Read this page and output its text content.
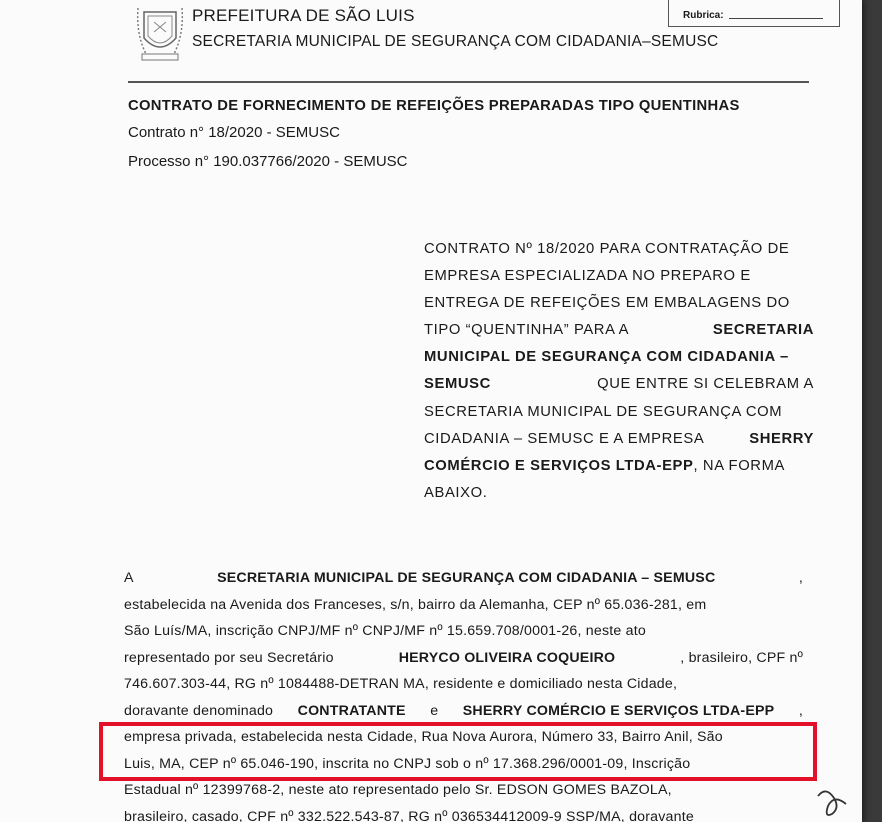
PREFEITURA DE SÃO LUIS
SECRETARIA MUNICIPAL DE SEGURANÇA COM CIDADANIA–SEMUSC
Rubrica:
CONTRATO DE FORNECIMENTO DE REFEIÇÕES PREPARADAS TIPO QUENTINHAS
Contrato n° 18/2020 - SEMUSC
Processo n° 190.037766/2020 - SEMUSC
CONTRATO Nº 18/2020 PARA CONTRATAÇÃO DE
EMPRESA ESPECIALIZADA NO PREPARO E
ENTREGA DE REFEIÇÕES EM EMBALAGENS DO
TIPO “QUENTINHA” PARA A	SECRETARIA
MUNICIPAL DE SEGURANÇA COM CIDADANIA –
SEMUSC	QUE ENTRE SI CELEBRAM A
SECRETARIA MUNICIPAL DE SEGURANÇA COM
CIDADANIA – SEMUSC E A EMPRESA	SHERRY
COMÉRCIO E SERVIÇOS LTDA-EPP, NA FORMA
ABAIXO.
A	SECRETARIA MUNICIPAL DE SEGURANÇA COM CIDADANIA – SEMUSC	,
estabelecida na Avenida dos Franceses, s/n, bairro da Alemanha, CEP nº 65.036-281, em
São Luís/MA, inscrição CNPJ/MF nº CNPJ/MF nº 15.659.708/0001-26, neste ato
representado por seu Secretário	HERYCO OLIVEIRA COQUEIRO	, brasileiro, CPF nº
746.607.303-44, RG nº 1084488-DETRAN MA, residente e domiciliado nesta Cidade,
doravante denominado CONTRATANTE e SHERRY COMÉRCIO E SERVIÇOS LTDA-EPP ,
empresa privada, estabelecida nesta Cidade, Rua Nova Aurora, Número 33, Bairro Anil, São
Luis, MA, CEP nº 65.046-190, inscrita no CNPJ sob o nº 17.368.296/0001-09, Inscrição
Estadual nº 12399768-2, neste ato representado pelo Sr. EDSON GOMES BAZOLA,
brasileiro, casado, CPF nº 332.522.543-87, RG nº 036534412009-9 SSP/MA, doravante
